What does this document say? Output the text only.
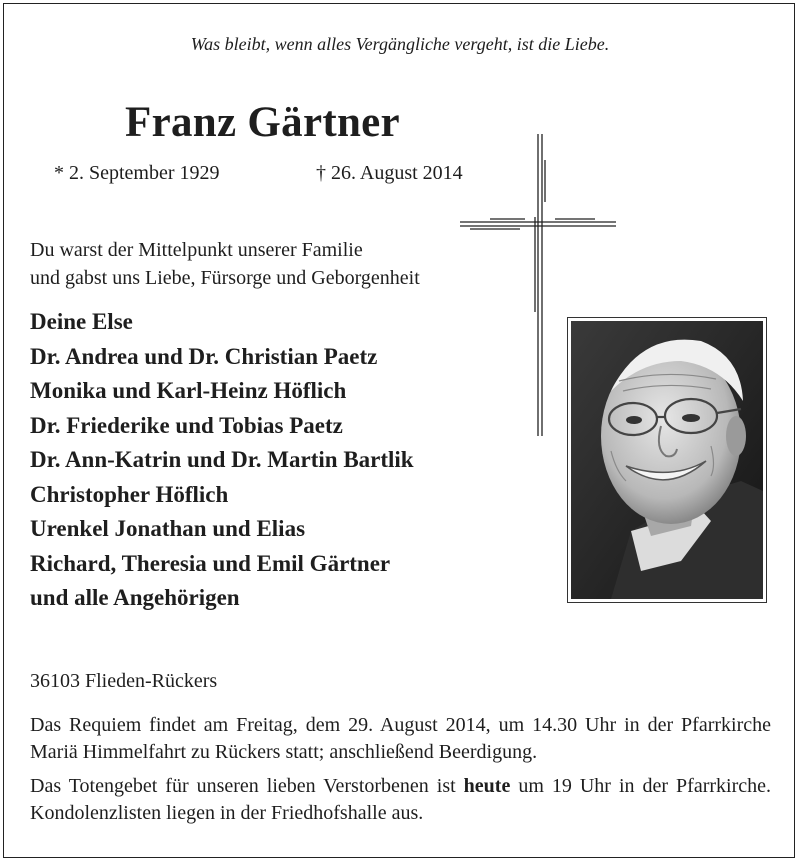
Was bleibt, wenn alles Vergängliche vergeht, ist die Liebe.
Franz Gärtner
* 2. September 1929	† 26. August 2014
Du warst der Mittelpunkt unserer Familie
und gabst uns Liebe, Fürsorge und Geborgenheit
Deine Else
Dr. Andrea und Dr. Christian Paetz
Monika und Karl-Heinz Höflich
Dr. Friederike und Tobias Paetz
Dr. Ann-Katrin und Dr. Martin Bartlik
Christopher Höflich
Urenkel Jonathan und Elias
Richard, Theresia und Emil Gärtner
und alle Angehörigen
36103 Flieden-Rückers
Das Requiem findet am Freitag, dem 29. August 2014, um 14.30 Uhr in der Pfarrkirche Mariä Himmelfahrt zu Rückers statt; anschließend Beerdigung.
Das Totengebet für unseren lieben Verstorbenen ist heute um 19 Uhr in der Pfarrkirche. Kondolenzlisten liegen in der Friedhofshalle aus.
